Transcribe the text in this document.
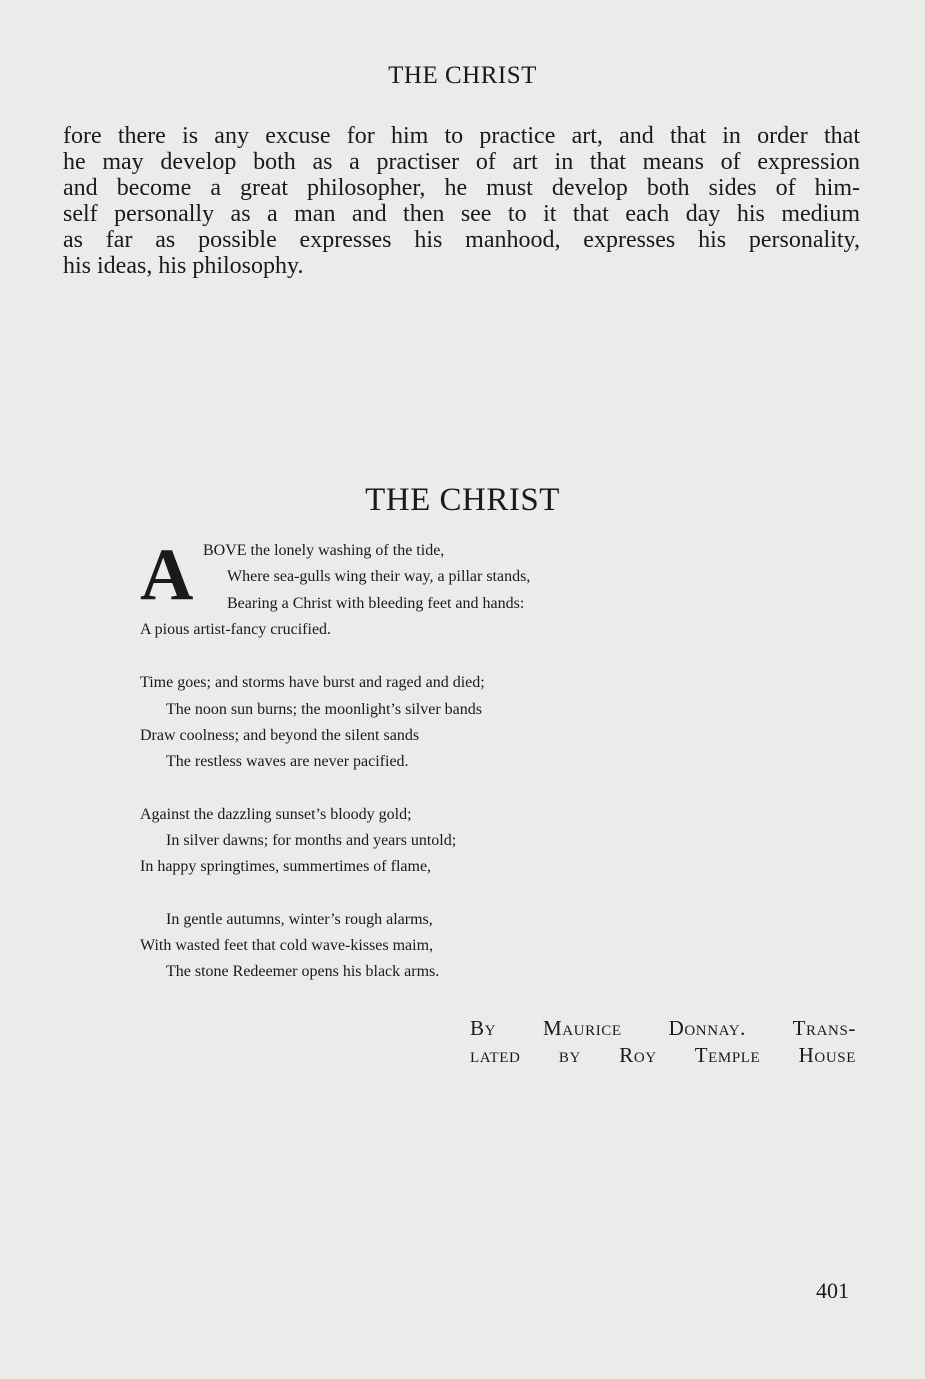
THE CHRIST
fore there is any excuse for him to practice art, and that in order that
he may develop both as a practiser of art in that means of expression
and become a great philosopher, he must develop both sides of him-
self personally as a man and then see to it that each day his medium
as far as possible expresses his manhood, expresses his personality,
his ideas, his philosophy.
THE CHRIST
A BOVE the lonely washing of the tide,
Where sea-gulls wing their way, a pillar stands,
Bearing a Christ with bleeding feet and hands:
A pious artist-fancy crucified.
Time goes; and storms have burst and raged and died;
The noon sun burns; the moonlight’s silver bands
Draw coolness; and beyond the silent sands
The restless waves are never pacified.
Against the dazzling sunset’s bloody gold;
In silver dawns; for months and years untold;
In happy springtimes, summertimes of flame,
In gentle autumns, winter’s rough alarms,
With wasted feet that cold wave-kisses maim,
The stone Redeemer opens his black arms.
By Maurice Donnay. Trans-
lated by Roy Temple House
401
